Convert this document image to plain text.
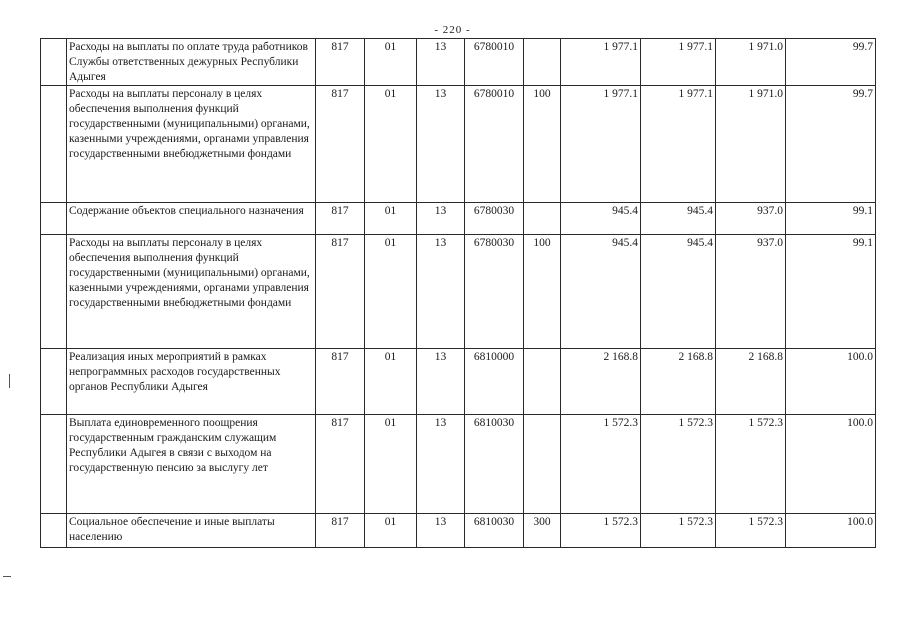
- 220 -
	Расходы на выплаты по оплате труда работников Службы ответственных дежурных Республики Адыгея	817	01	13	6780010		1 977.1	1 977.1	1 971.0	99.7
	Расходы на выплаты персоналу в целях обеспечения выполнения функций государственными (муниципальными) органами, казенными учреждениями, органами управления государственными внебюджетными фондами	817	01	13	6780010	100	1 977.1	1 977.1	1 971.0	99.7
	Содержание объектов специального назначения	817	01	13	6780030		945.4	945.4	937.0	99.1
	Расходы на выплаты персоналу в целях обеспечения выполнения функций государственными (муниципальными) органами, казенными учреждениями, органами управления государственными внебюджетными фондами	817	01	13	6780030	100	945.4	945.4	937.0	99.1
	Реализация иных мероприятий в рамках непрограммных расходов государственных органов Республики Адыгея	817	01	13	6810000		2 168.8	2 168.8	2 168.8	100.0
	Выплата единовременного поощрения государственным гражданским служащим Республики Адыгея в связи с выходом на государственную пенсию за выслугу лет	817	01	13	6810030		1 572.3	1 572.3	1 572.3	100.0
	Социальное обеспечение и иные выплаты населению	817	01	13	6810030	300	1 572.3	1 572.3	1 572.3	100.0
